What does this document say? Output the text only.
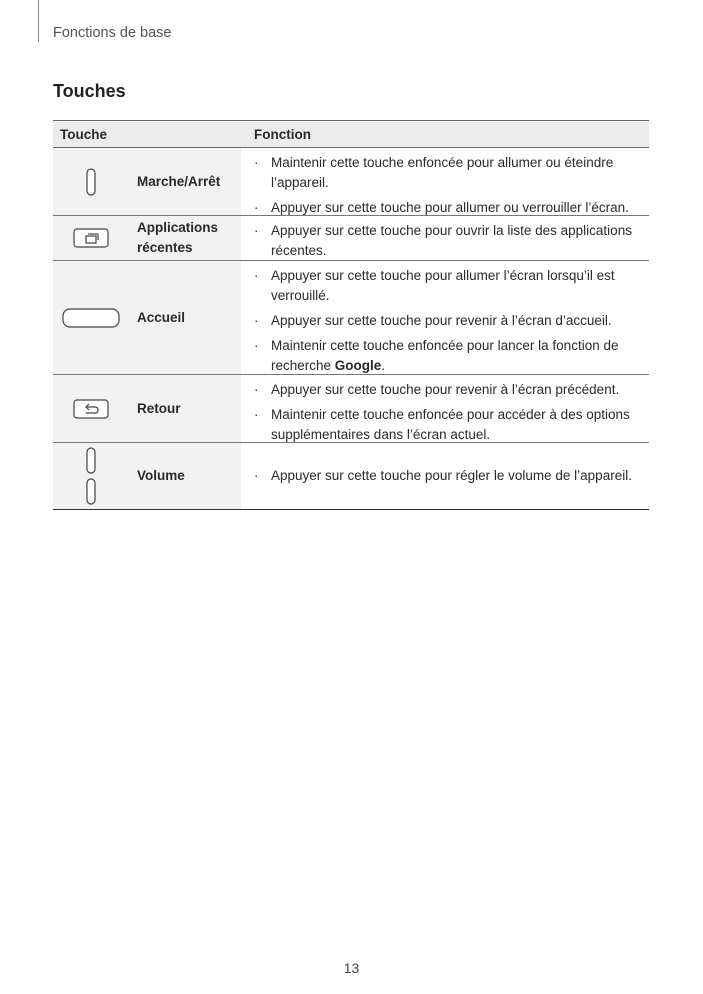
Fonctions de base
Touches
Touche	Fonction
Marche/Arrêt
· Maintenir cette touche enfoncée pour allumer ou éteindre l’appareil.
· Appuyer sur cette touche pour allumer ou verrouiller l’écran.
Applications récentes
· Appuyer sur cette touche pour ouvrir la liste des applications récentes.
Accueil
· Appuyer sur cette touche pour allumer l’écran lorsqu’il est verrouillé.
· Appuyer sur cette touche pour revenir à l’écran d’accueil.
· Maintenir cette touche enfoncée pour lancer la fonction de recherche Google.
Retour
· Appuyer sur cette touche pour revenir à l’écran précédent.
· Maintenir cette touche enfoncée pour accéder à des options supplémentaires dans l’écran actuel.
Volume	· Appuyer sur cette touche pour régler le volume de l’appareil.
13
